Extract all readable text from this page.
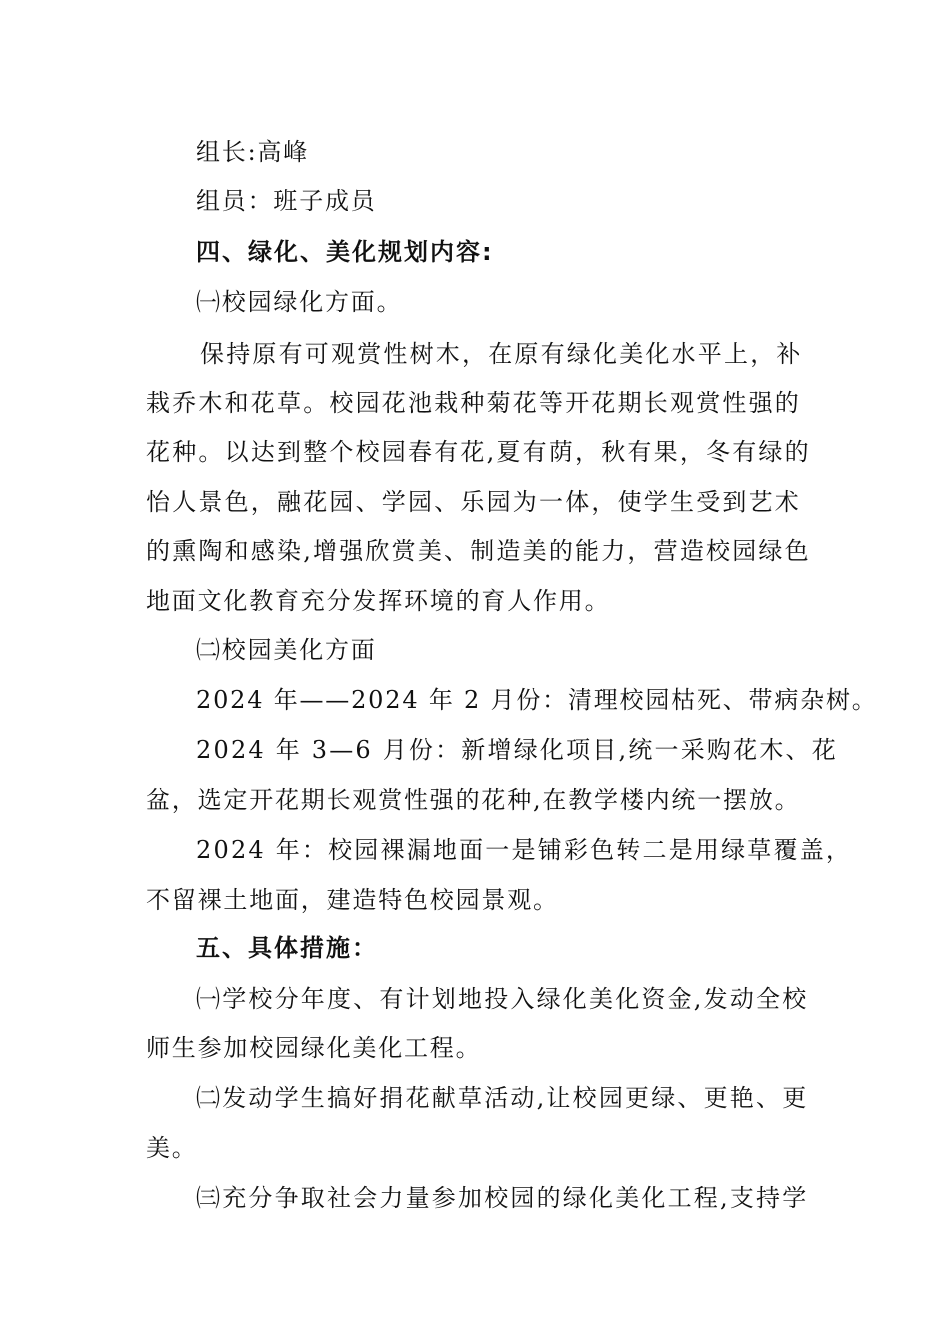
组长:高峰
组员：班子成员
四、绿化、美化规划内容:
㈠校园绿化方面。
保持原有可观赏性树木，在原有绿化美化水平上，补
栽乔木和花草。校园花池栽种菊花等开花期长观赏性强的
花种。以达到整个校园春有花,夏有荫，秋有果，冬有绿的
怡人景色，融花园、学园、乐园为一体，使学生受到艺术
的熏陶和感染,增强欣赏美、制造美的能力，营造校园绿色
地面文化教育充分发挥环境的育人作用。
㈡校园美化方面
2024 年——2024 年 2 月份：清理校园枯死、带病杂树。
2024 年 3—6 月份：新增绿化项目,统一采购花木、花
盆，选定开花期长观赏性强的花种,在教学楼内统一摆放。
2024 年：校园裸漏地面一是铺彩色转二是用绿草覆盖，
不留裸土地面，建造特色校园景观。
五、具体措施：
㈠学校分年度、有计划地投入绿化美化资金,发动全校
师生参加校园绿化美化工程。
㈡发动学生搞好捐花献草活动,让校园更绿、更艳、更
美。
㈢充分争取社会力量参加校园的绿化美化工程,支持学
